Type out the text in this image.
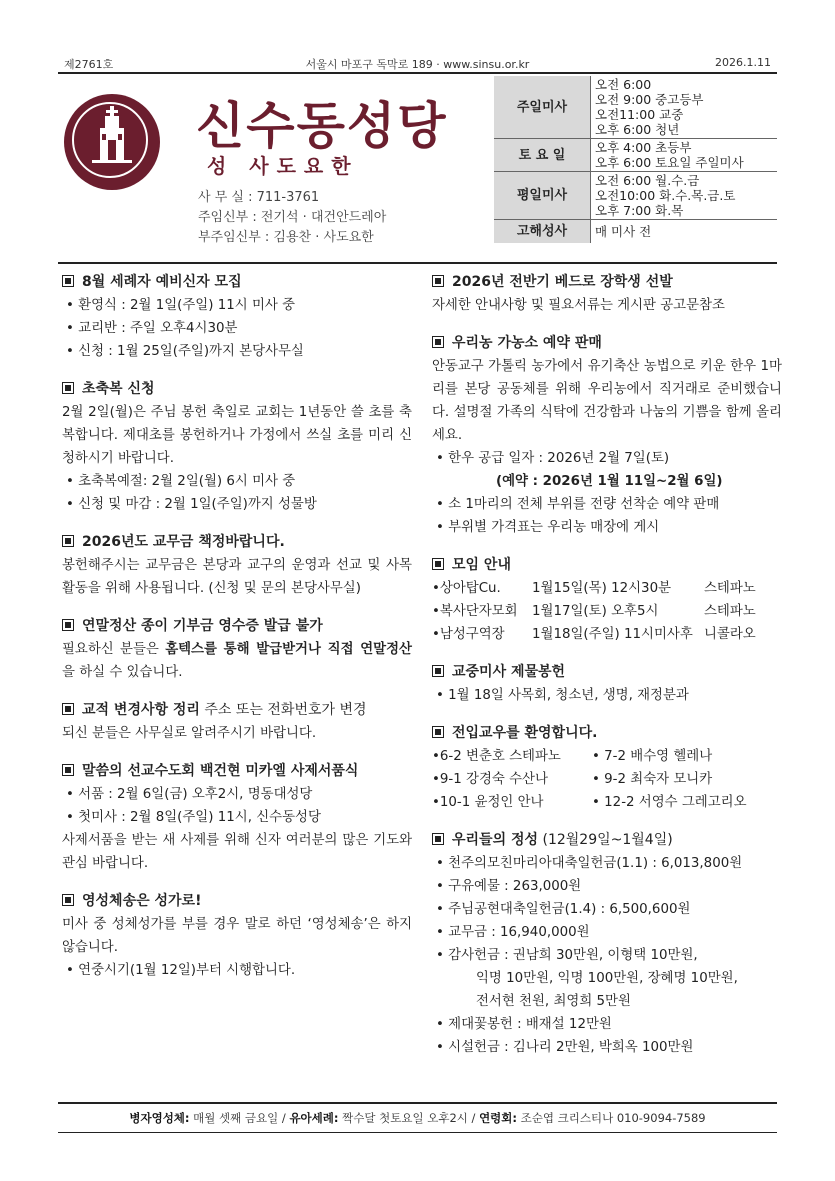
제2761호	서울시 마포구 독막로 189 · www.sinsu.or.kr	2026.1.11
신수동성당
성 사도요한
사 무 실 : 711-3761
주임신부 : 전기석 · 대건안드레아
부주임신부 : 김용찬 · 사도요한
주일미사	오전 6:00
오전 9:00 중고등부
오전11:00 교중
오후 6:00 청년

토 요 일	오후 4:00 초등부
오후 6:00 토요일 주일미사

평일미사	오전 6:00 월.수.금
오전10:00 화.수.목.금.토
오후 7:00 화.목

고해성사	매 미사 전
8월 세례자 예비신자 모집
• 환영식 : 2월 1일(주일) 11시 미사 중
• 교리반 : 주일 오후4시30분
• 신청 : 1월 25일(주일)까지 본당사무실
초축복 신청
2월 2일(월)은 주님 봉헌 축일로 교회는 1년동안 쓸 초를 축복합니다. 제대초를 봉헌하거나 가정에서 쓰실 초를 미리 신청하시기 바랍니다.
• 초축복예절: 2월 2일(월) 6시 미사 중
• 신청 및 마감 : 2월 1일(주일)까지 성물방
2026년도 교무금 책정바랍니다.
봉헌해주시는 교무금은 본당과 교구의 운영과 선교 및 사목활동을 위해 사용됩니다. (신청 및 문의 본당사무실)
연말정산 종이 기부금 영수증 발급 불가
필요하신 분들은 홈텍스를 통해 발급받거나 직접 연말정산을 하실 수 있습니다.
교적 변경사항 정리 주소 또는 전화번호가 변경
되신 분들은 사무실로 알려주시기 바랍니다.
말씀의 선교수도회 백건현 미카엘 사제서품식
• 서품 : 2월 6일(금) 오후2시, 명동대성당
• 첫미사 : 2월 8일(주일) 11시, 신수동성당
사제서품을 받는 새 사제를 위해 신자 여러분의 많은 기도와 관심 바랍니다.
영성체송은 성가로!
미사 중 성체성가를 부를 경우 말로 하던 ‘영성체송’은 하지 않습니다.
• 연중시기(1월 12일)부터 시행합니다.
2026년 전반기 베드로 장학생 선발
자세한 안내사항 및 필요서류는 게시판 공고문참조
우리농 가농소 예약 판매
안동교구 가톨릭 농가에서 유기축산 농법으로 키운 한우 1마리를 본당 공동체를 위해 우리농에서 직거래로 준비했습니다. 설명절 가족의 식탁에 건강함과 나눔의 기쁨을 함께 올리세요.
• 한우 공급 일자 : 2026년 2월 7일(토)
(예약 : 2026년 1월 11일~2월 6일)
• 소 1마리의 전체 부위를 전량 선착순 예약 판매
• 부위별 가격표는 우리농 매장에 게시
모임 안내
•상아탑Cu.	1월15일(목) 12시30분	스테파노
•복사단자모회	1월17일(토) 오후5시	스테파노
•남성구역장	1월18일(주일) 11시미사후 니콜라오
교중미사 제물봉헌
• 1월 18일 사목회, 청소년, 생명, 재정분과
전입교우를 환영합니다.
•6-2 변춘호 스테파노	• 7-2 배수영 헬레나
•9-1 강경숙 수산나	• 9-2 최숙자 모니카
•10-1 윤정인 안나	• 12-2 서영수 그레고리오
우리들의 정성 (12월29일~1월4일)
• 천주의모친마리아대축일헌금(1.1) : 6,013,800원
• 구유예물 : 263,000원
• 주님공현대축일헌금(1.4) : 6,500,600원
• 교무금 : 16,940,000원
• 감사헌금 : 권남희 30만원, 이형택 10만원,
익명 10만원, 익명 100만원, 장혜명 10만원,
전서현 천원, 최영희 5만원
• 제대꽃봉헌 : 배재설 12만원
• 시설헌금 : 김나리 2만원, 박희옥 100만원
병자영성체: 매월 셋째 금요일 / 유아세례: 짝수달 첫토요일 오후2시 / 연령회: 조순엽 크리스티나 010-9094-7589
